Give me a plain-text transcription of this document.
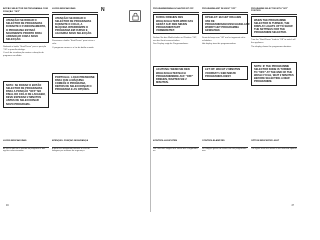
BOTÃO SELECTOR DE PROGRAMAS COM POSIÇÃO "OFF"

ATENÇÃO! SE RODAR O SELECTOR DE PROGRAMAS DURANTE O FUNCIONAMENTO, O PROGRAMA ESTARÁ NOVAMENTE PRONTO PARA ARRANCAR COM A NOVA SELECÇÃO.

Rodando o botão "Start/Pause" para a posição "Off" o aparelho desliga.

O ecrã de visualização mostra a duração do programa escolhido.

NOTA: SE RODAR O BOTÃO SELECTOR DE PROGRAMAS PARA A POSIÇÃO "OFF" NO FINAL DO CICLO DE LAVAGEM, DEVE ESPERAR 2 MINUTOS ANTES DE SELECCIONAR NOVO PROGRAMA.

LUCES INDICADORAS

ATENÇÃO! SE RODAR O SELECTOR DE PROGRAMAS DURANTE O CICLO, A MÁQUINA INTERROMPE O PROGRAMA EM CURSO E AGUARDA NOVA SELECÇÃO.

Pressionar o botão "Start/Pause" para iniciar o ciclo.

O programa arranca e a luz do botão acende.

PORTUGAL: LOGO PRESSIONE PARA QUE A MÁQUINA COMECE O PROGRAMA, DEPOIS DE SELECCIONAR O PROGRAMA E AS OPÇÕES.

N
LUCES INDICADORAS

As luces indicam o estado do programa e das opções seleccionadas.

ATENÇÃO: FUNÇÃO SEGURANÇA

A porta fica bloqueada durante o ciclo de lavagem por motivos de segurança.

46
PROGRAMMIERWAHLSCHALTER MIT OFF

DURCH DREHEN DES WAHLSCHALTERS WIRD DAS GERÄT AUF DEN NEUEN PROGRAMMSTART VORBEREITET.

Drehen Sie den Wahlschalter auf Position "Off", um das Gerät auszuschalten.

Das Display zeigt die Programmdauer.

ACHTUNG: WENN SIE DEN WAHLSCHALTER NACH PROGRAMMENDE AUF "OFF" DREHEN, WARTEN SIE 2 MINUTEN.

PROGRAMMA MET DE KNOP "OFF"

OPGELET: BIJ HET DRAAIEN VAN DE PROGRAMMAKEUZESCHAKELAAR WORDT HET PROGRAMMA GEWIJZIGD.

Draai de knop naar "Off" om het apparaat uit te schakelen.

Het display toont de programmaduur.

LET OP: WACHT 2 MINUTEN VOORDAT U EEN NIEUW PROGRAMMA KIEST.

PROGRAMME SELECTOR WITH "OFF" POSITION

WHEN THE PROGRAMME SELECTOR IS TURNED, THE DISPLAY LIGHTS UP TO SHOW THE SETTINGS FOR THE PROGRAMME SELECTED.

Turn the "Start/Pause" knob to "Off" to switch off the appliance.

The display shows the programme duration.

NOTE: IF THE PROGRAMME SELECTOR KNOB IS TURNED TO "OFF" AT THE END OF THE WASH CYCLE, WAIT 2 MINUTES BEFORE SELECTING A NEW PROGRAMME.

KONTROLLLEUCHTEN

Die Leuchten zeigen den Status des Programms an.

CONTROLELAMPJES

De lampjes geven de status van het programma aan.

OPTION INDICATOR LIGHT

The lights show the status of the selected options.

47
